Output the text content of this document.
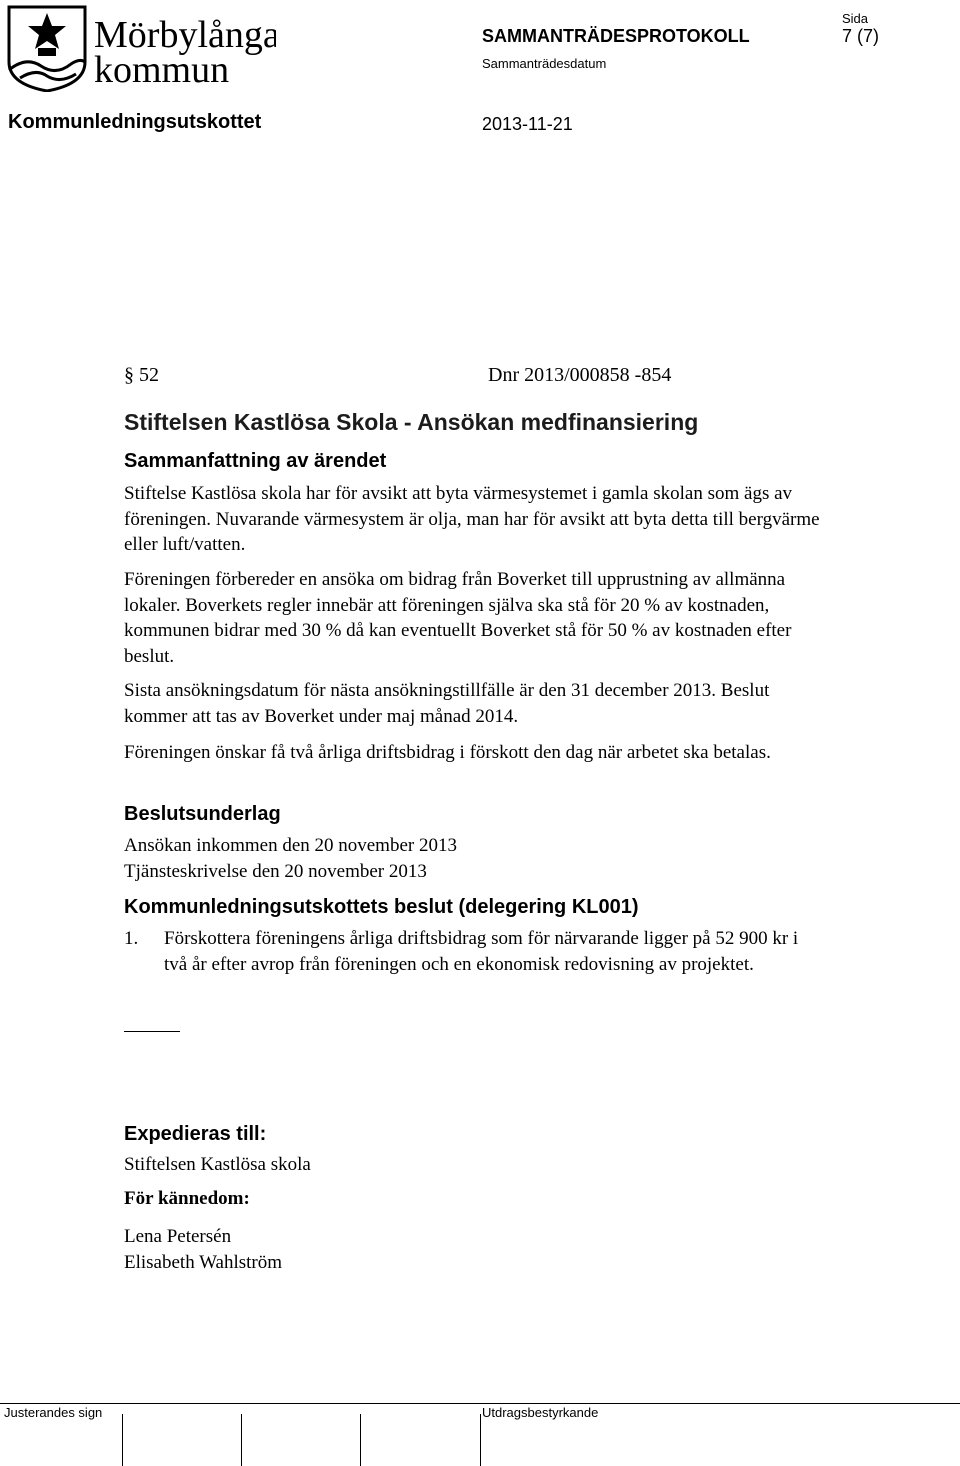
Mörbylånga
kommun
SAMMANTRÄDESPROTOKOLL
Sida
7 (7)
Sammanträdesdatum
Kommunledningsutskottet	2013-11-21
§ 52	Dnr 2013/000858 -854
Stiftelsen Kastlösa Skola - Ansökan medfinansiering
Sammanfattning av ärendet

Stiftelse Kastlösa skola har för avsikt att byta värmesystemet i gamla skolan som ägs av föreningen. Nuvarande värmesystem är olja, man har för avsikt att byta detta till bergvärme eller luft/vatten.

Föreningen förbereder en ansöka om bidrag från Boverket till upprustning av allmänna lokaler. Boverkets regler innebär att föreningen själva ska stå för 20 % av kostnaden, kommunen bidrar med 30 % då kan eventuellt Boverket stå för 50 % av kostnaden efter beslut.

Sista ansökningsdatum för nästa ansökningstillfälle är den 31 december 2013. Beslut kommer att tas av Boverket under maj månad 2014.

Föreningen önskar få två årliga driftsbidrag i förskott den dag när arbetet ska betalas.

Beslutsunderlag

Ansökan inkommen den 20 november 2013

Tjänsteskrivelse den 20 november 2013

Kommunledningsutskottets beslut (delegering KL001)
1. Förskottera föreningens årliga driftsbidrag som för närvarande ligger på 52 900 kr i två år efter avrop från föreningen och en ekonomisk redovisning av projektet.
Expedieras till:

Stiftelsen Kastlösa skola

För kännedom:

Lena Petersén

Elisabeth Wahlström

Justerandes sign	Utdragsbestyrkande
